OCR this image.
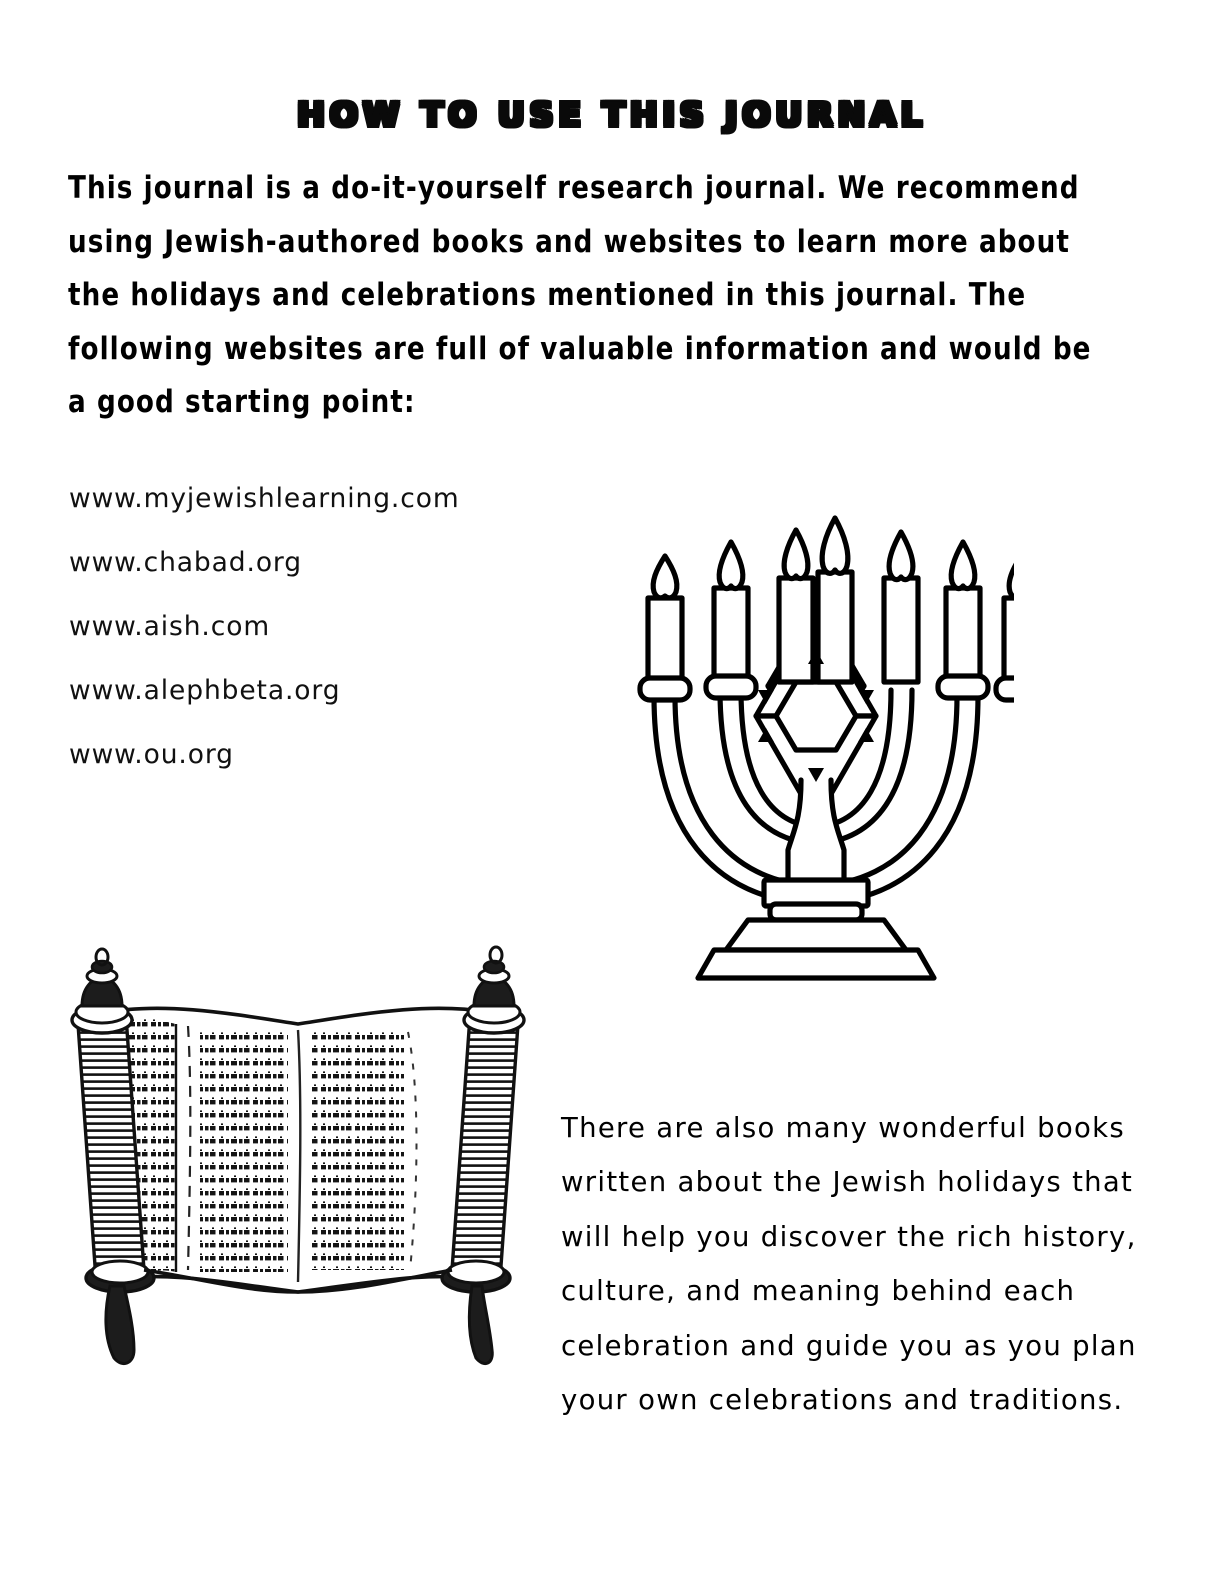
HOW TO USE THIS JOURNAL

This journal is a do-it-yourself research journal. We recommend using Jewish-authored books and websites to learn more about the holidays and celebrations mentioned in this journal. The following websites are full of valuable information and would be a good starting point:

www.myjewishlearning.com
www.chabad.org
www.aish.com
www.alephbeta.org
www.ou.org

There are also many wonderful books written about the Jewish holidays that will help you discover the rich history, culture, and meaning behind each celebration and guide you as you plan your own celebrations and traditions.
